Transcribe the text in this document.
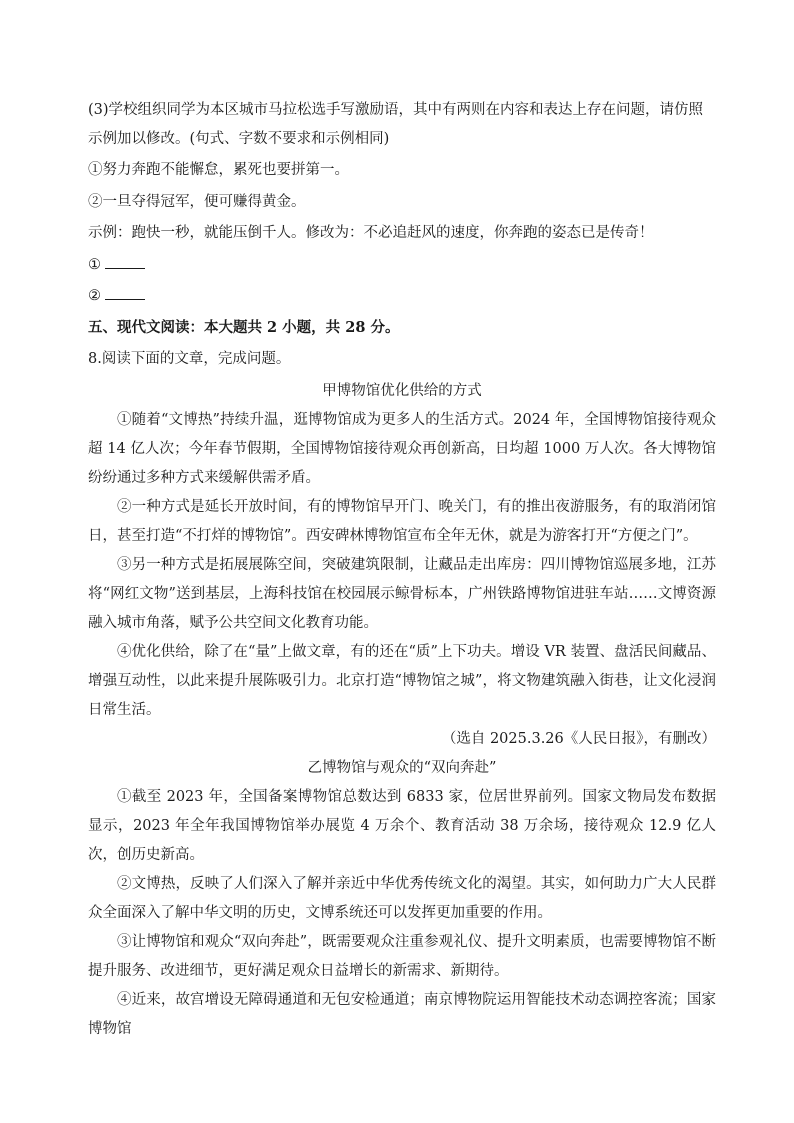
(3)学校组织同学为本区城市马拉松选手写激励语，其中有两则在内容和表达上存在问题，请仿照示例加以修改。(句式、字数不要求和示例相同)

①努力奔跑不能懈怠，累死也要拼第一。

②一旦夺得冠军，便可赚得黄金。

示例：跑快一秒，就能压倒千人。修改为：不必追赶风的速度，你奔跑的姿态已是传奇！

①

②

五、现代文阅读：本大题共 2 小题，共 28 分。

8.阅读下面的文章，完成问题。

甲博物馆优化供给的方式

①随着“文博热”持续升温，逛博物馆成为更多人的生活方式。2024 年，全国博物馆接待观众超 14 亿人次；今年春节假期，全国博物馆接待观众再创新高，日均超 1000 万人次。各大博物馆纷纷通过多种方式来缓解供需矛盾。

②一种方式是延长开放时间，有的博物馆早开门、晚关门，有的推出夜游服务，有的取消闭馆日，甚至打造“不打烊的博物馆”。西安碑林博物馆宣布全年无休，就是为游客打开“方便之门”。

③另一种方式是拓展展陈空间，突破建筑限制，让藏品走出库房：四川博物馆巡展多地，江苏将“网红文物”送到基层，上海科技馆在校园展示鲸骨标本，广州铁路博物馆进驻车站……文博资源融入城市角落，赋予公共空间文化教育功能。

④优化供给，除了在“量”上做文章，有的还在“质”上下功夫。增设 VR 装置、盘活民间藏品、增强互动性，以此来提升展陈吸引力。北京打造“博物馆之城”，将文物建筑融入街巷，让文化浸润日常生活。

（选自 2025.3.26《人民日报》，有删改）

乙博物馆与观众的“双向奔赴”

①截至 2023 年，全国备案博物馆总数达到 6833 家，位居世界前列。国家文物局发布数据显示，2023 年全年我国博物馆举办展览 4 万余个、教育活动 38 万余场，接待观众 12.9 亿人次，创历史新高。

②文博热，反映了人们深入了解并亲近中华优秀传统文化的渴望。其实，如何助力广大人民群众全面深入了解中华文明的历史，文博系统还可以发挥更加重要的作用。

③让博物馆和观众“双向奔赴”，既需要观众注重参观礼仪、提升文明素质，也需要博物馆不断提升服务、改进细节，更好满足观众日益增长的新需求、新期待。

④近来，故宫增设无障碍通道和无包安检通道；南京博物院运用智能技术动态调控客流；国家博物馆
